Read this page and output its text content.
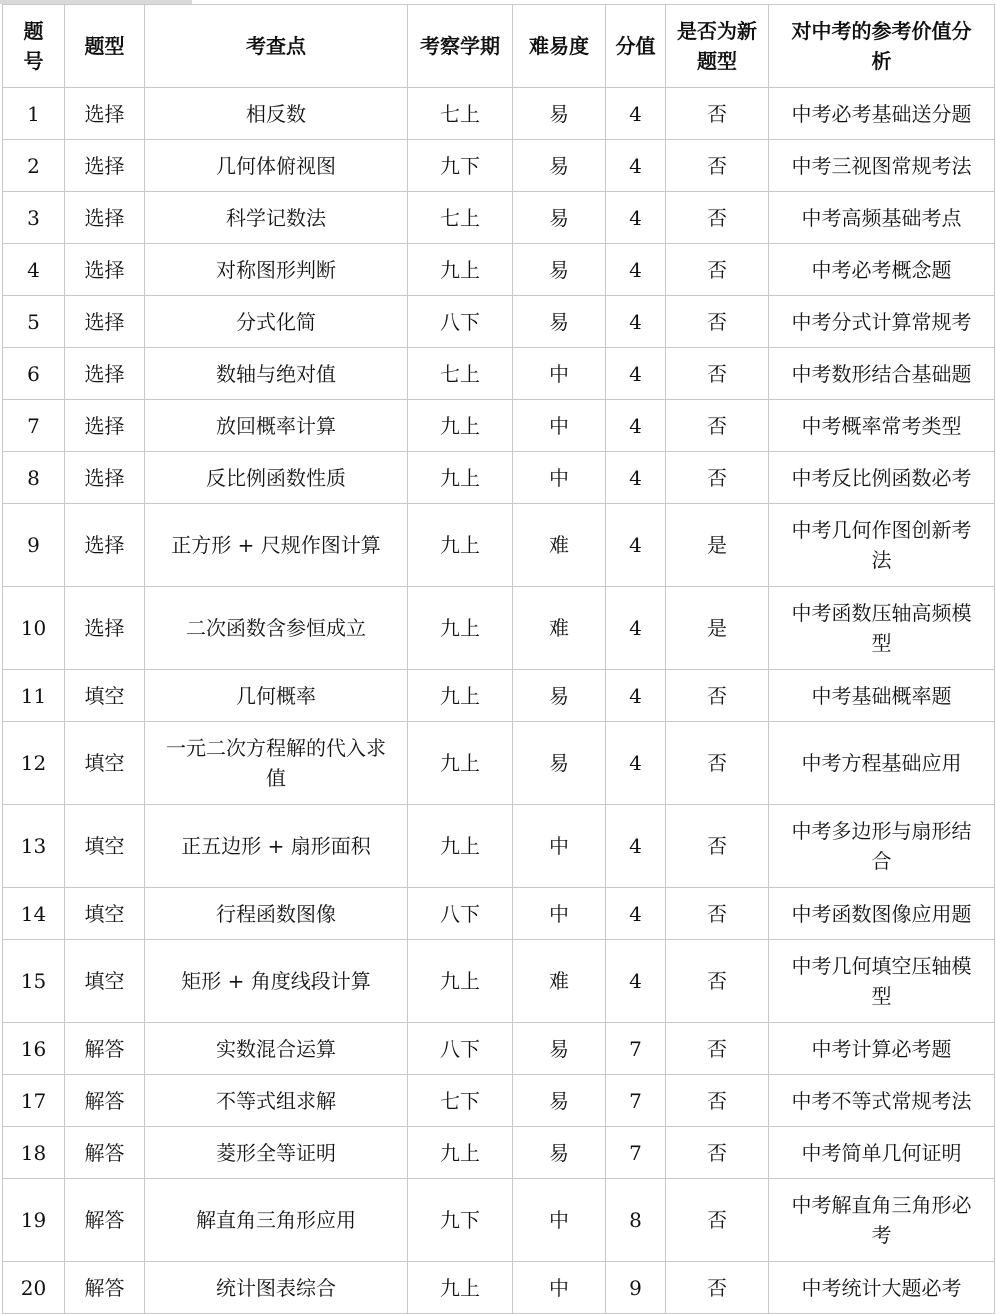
题号	题型	考查点	考察学期	难易度	分值	是否为新题型	对中考的参考价值分析
1	选择	相反数	七上	易	4	否	中考必考基础送分题
2	选择	几何体俯视图	九下	易	4	否	中考三视图常规考法
3	选择	科学记数法	七上	易	4	否	中考高频基础考点
4	选择	对称图形判断	九上	易	4	否	中考必考概念题
5	选择	分式化简	八下	易	4	否	中考分式计算常规考
6	选择	数轴与绝对值	七上	中	4	否	中考数形结合基础题
7	选择	放回概率计算	九上	中	4	否	中考概率常考类型
8	选择	反比例函数性质	九上	中	4	否	中考反比例函数必考
9	选择	正方形 + 尺规作图计算	九上	难	4	是	中考几何作图创新考法
10	选择	二次函数含参恒成立	九上	难	4	是	中考函数压轴高频模型
11	填空	几何概率	九上	易	4	否	中考基础概率题
12	填空	一元二次方程解的代入求值	九上	易	4	否	中考方程基础应用
13	填空	正五边形 + 扇形面积	九上	中	4	否	中考多边形与扇形结合
14	填空	行程函数图像	八下	中	4	否	中考函数图像应用题
15	填空	矩形 + 角度线段计算	九上	难	4	否	中考几何填空压轴模型
16	解答	实数混合运算	八下	易	7	否	中考计算必考题
17	解答	不等式组求解	七下	易	7	否	中考不等式常规考法
18	解答	菱形全等证明	九上	易	7	否	中考简单几何证明
19	解答	解直角三角形应用	九下	中	8	否	中考解直角三角形必考
20	解答	统计图表综合	九上	中	9	否	中考统计大题必考
